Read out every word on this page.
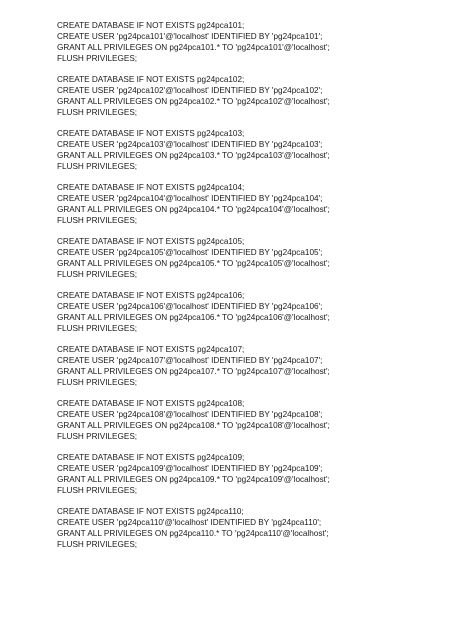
CREATE DATABASE IF NOT EXISTS pg24pca101;
CREATE USER 'pg24pca101'@'localhost' IDENTIFIED BY 'pg24pca101';
GRANT ALL PRIVILEGES ON pg24pca101.* TO 'pg24pca101'@'localhost';
FLUSH PRIVILEGES;
CREATE DATABASE IF NOT EXISTS pg24pca102;
CREATE USER 'pg24pca102'@'localhost' IDENTIFIED BY 'pg24pca102';
GRANT ALL PRIVILEGES ON pg24pca102.* TO 'pg24pca102'@'localhost';
FLUSH PRIVILEGES;
CREATE DATABASE IF NOT EXISTS pg24pca103;
CREATE USER 'pg24pca103'@'localhost' IDENTIFIED BY 'pg24pca103';
GRANT ALL PRIVILEGES ON pg24pca103.* TO 'pg24pca103'@'localhost';
FLUSH PRIVILEGES;
CREATE DATABASE IF NOT EXISTS pg24pca104;
CREATE USER 'pg24pca104'@'localhost' IDENTIFIED BY 'pg24pca104';
GRANT ALL PRIVILEGES ON pg24pca104.* TO 'pg24pca104'@'localhost';
FLUSH PRIVILEGES;
CREATE DATABASE IF NOT EXISTS pg24pca105;
CREATE USER 'pg24pca105'@'localhost' IDENTIFIED BY 'pg24pca105';
GRANT ALL PRIVILEGES ON pg24pca105.* TO 'pg24pca105'@'localhost';
FLUSH PRIVILEGES;
CREATE DATABASE IF NOT EXISTS pg24pca106;
CREATE USER 'pg24pca106'@'localhost' IDENTIFIED BY 'pg24pca106';
GRANT ALL PRIVILEGES ON pg24pca106.* TO 'pg24pca106'@'localhost';
FLUSH PRIVILEGES;
CREATE DATABASE IF NOT EXISTS pg24pca107;
CREATE USER 'pg24pca107'@'localhost' IDENTIFIED BY 'pg24pca107';
GRANT ALL PRIVILEGES ON pg24pca107.* TO 'pg24pca107'@'localhost';
FLUSH PRIVILEGES;
CREATE DATABASE IF NOT EXISTS pg24pca108;
CREATE USER 'pg24pca108'@'localhost' IDENTIFIED BY 'pg24pca108';
GRANT ALL PRIVILEGES ON pg24pca108.* TO 'pg24pca108'@'localhost';
FLUSH PRIVILEGES;
CREATE DATABASE IF NOT EXISTS pg24pca109;
CREATE USER 'pg24pca109'@'localhost' IDENTIFIED BY 'pg24pca109';
GRANT ALL PRIVILEGES ON pg24pca109.* TO 'pg24pca109'@'localhost';
FLUSH PRIVILEGES;
CREATE DATABASE IF NOT EXISTS pg24pca110;
CREATE USER 'pg24pca110'@'localhost' IDENTIFIED BY 'pg24pca110';
GRANT ALL PRIVILEGES ON pg24pca110.* TO 'pg24pca110'@'localhost';
FLUSH PRIVILEGES;
